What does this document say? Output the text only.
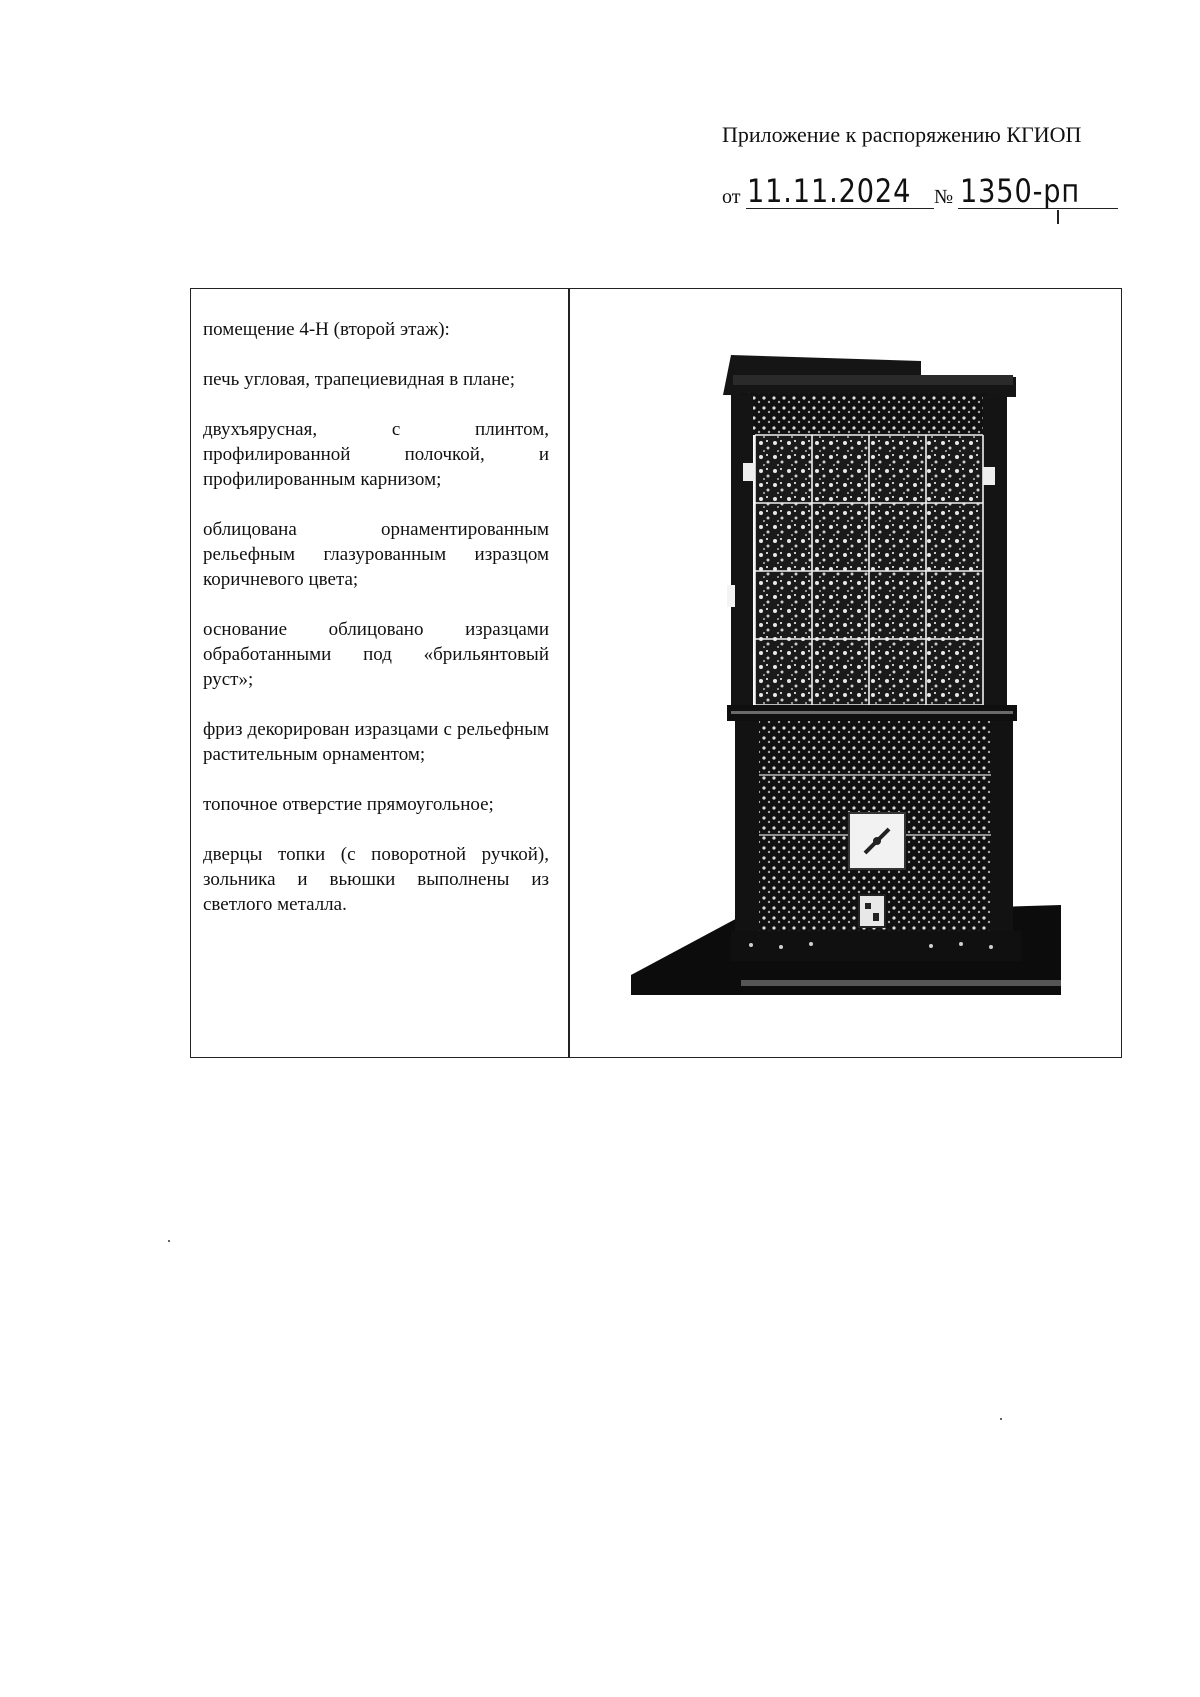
Приложение к распоряжению КГИОП
от 11.11.2024 № 1350-рп

помещение 4-Н (второй этаж):

печь угловая, трапециевидная в плане;

двухъярусная, с плинтом, профилированной полочкой, и профилированным карнизом;

облицована орнаментированным рельефным глазурованным изразцом коричневого цвета;

основание облицовано изразцами обработанными под «брильянтовый руст»;

фриз декорирован изразцами с рельефным растительным орнаментом;

топочное отверстие прямоугольное;

дверцы топки (с поворотной ручкой), зольника и вьюшки выполнены из светлого металла.
